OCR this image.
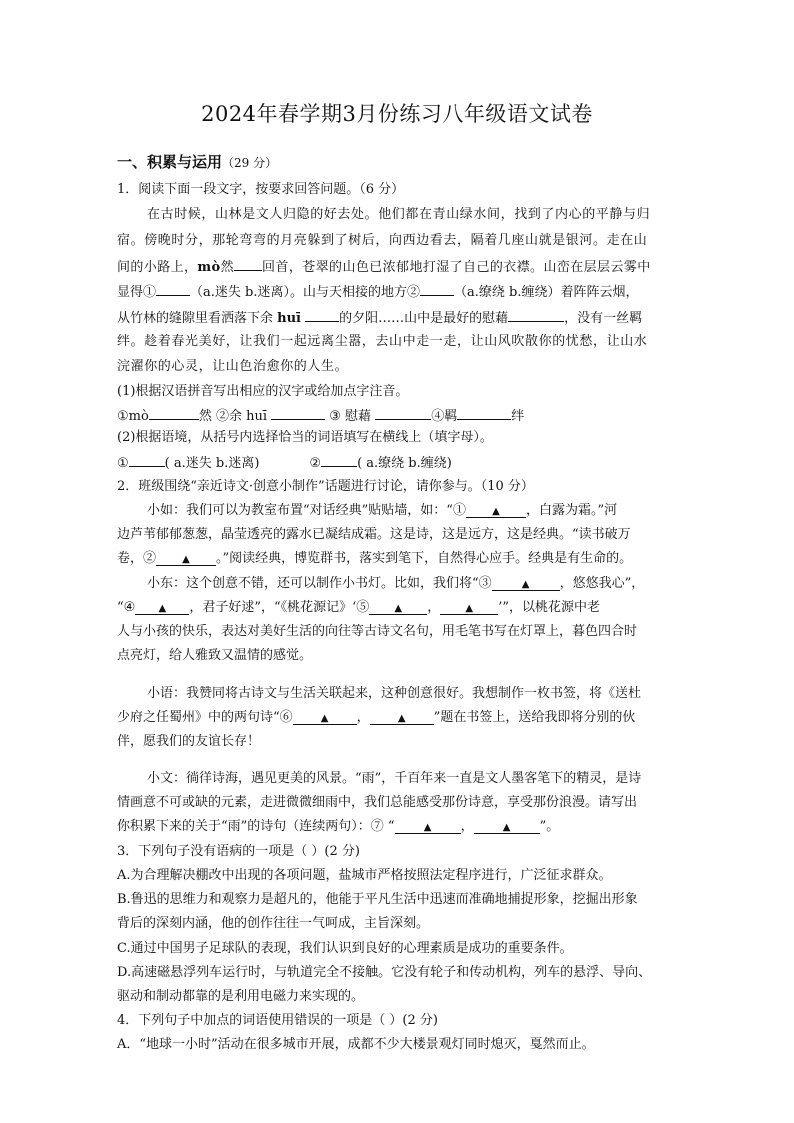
2024年春学期3月份练习八年级语文试卷
一、积累与运用（29 分）
1．阅读下面一段文字，按要求回答问题。（6 分）
在古时候，山林是文人归隐的好去处。他们都在青山绿水间，找到了内心的平静与归
宿。傍晚时分，那轮弯弯的月亮躲到了树后，向西边看去，隔着几座山就是银河。走在山
间的小路上，mò然 回首，苍翠的山色已浓郁地打湿了自己的衣襟。山峦在层层云雾中
显得①	（a.迷失 b.迷离）。山与天相接的地方②	（a.缭绕 b.缠绕）着阵阵云烟，
从竹林的缝隙里看洒落下余 huī	的夕阳……山中是最好的慰藉	，没有一丝羁
绊。趁着春光美好，让我们一起远离尘嚣，去山中走一走，让山风吹散你的忧愁，让山水
浣濯你的心灵，让山色治愈你的人生。
(1)根据汉语拼音写出相应的汉字或给加点字注音。
①mò	然 ②余 huī	③ 慰藉	④羁	绊
(2)根据语境，从括号内选择恰当的词语填写在横线上（填字母）。
①	( a.迷失 b.迷离)	②	( a.缭绕 b.缠绕)
2．班级围绕“亲近诗文·创意小制作”话题进行讨论，请你参与。（10 分）
小如：我们可以为教室布置“对话经典”贴贴墙，如：“①	▲ ，白露为霜。”河
边芦苇郁郁葱葱，晶莹透亮的露水已凝结成霜。这是诗，这是远方，这是经典。“读书破万
卷，②	▲ 。”阅读经典，博览群书，落实到笔下，自然得心应手。经典是有生命的。
小东：这个创意不错，还可以制作小书灯。比如，我们将“③	▲ ，悠悠我心”，
“④ ▲ ，君子好逑”，“《桃花源记》‘⑤	▲ ，	▲ ’”，以桃花源中老
人与小孩的快乐，表达对美好生活的向往等古诗文名句，用毛笔书写在灯罩上，暮色四合时
点亮灯，给人雅致又温情的感觉。
小语：我赞同将古诗文与生活关联起来，这种创意很好。我想制作一枚书签，将《送杜
少府之任蜀州》中的两句诗“⑥	▲ ，	▲ ”题在书签上，送给我即将分别的伙
伴，愿我们的友谊长存！
小文：徜徉诗海，遇见更美的风景。“雨”，千百年来一直是文人墨客笔下的精灵，是诗
情画意不可或缺的元素，走进微微细雨中，我们总能感受那份诗意，享受那份浪漫。请写出
你积累下来的关于“雨”的诗句（连续两句）：⑦ “	▲ ，	▲ ”。
3．下列句子没有语病的一项是（ ）(2 分)
A.为合理解决棚改中出现的各项问题，盐城市严格按照法定程序进行，广泛征求群众。
B.鲁迅的思维力和观察力是超凡的，他能于平凡生活中迅速而准确地捕捉形象，挖掘出形象
背后的深刻内涵，他的创作往往一气呵成，主旨深刻。
C.通过中国男子足球队的表现，我们认识到良好的心理素质是成功的重要条件。
D.高速磁悬浮列车运行时，与轨道完全不接触。它没有轮子和传动机构，列车的悬浮、导向、
驱动和制动都靠的是利用电磁力来实现的。
4．下列句子中加点的词语使用错误的一项是（ ）(2 分)
A．“地球一小时”活动在很多城市开展，成都不少大楼景观灯同时熄灭，戛然而止。
